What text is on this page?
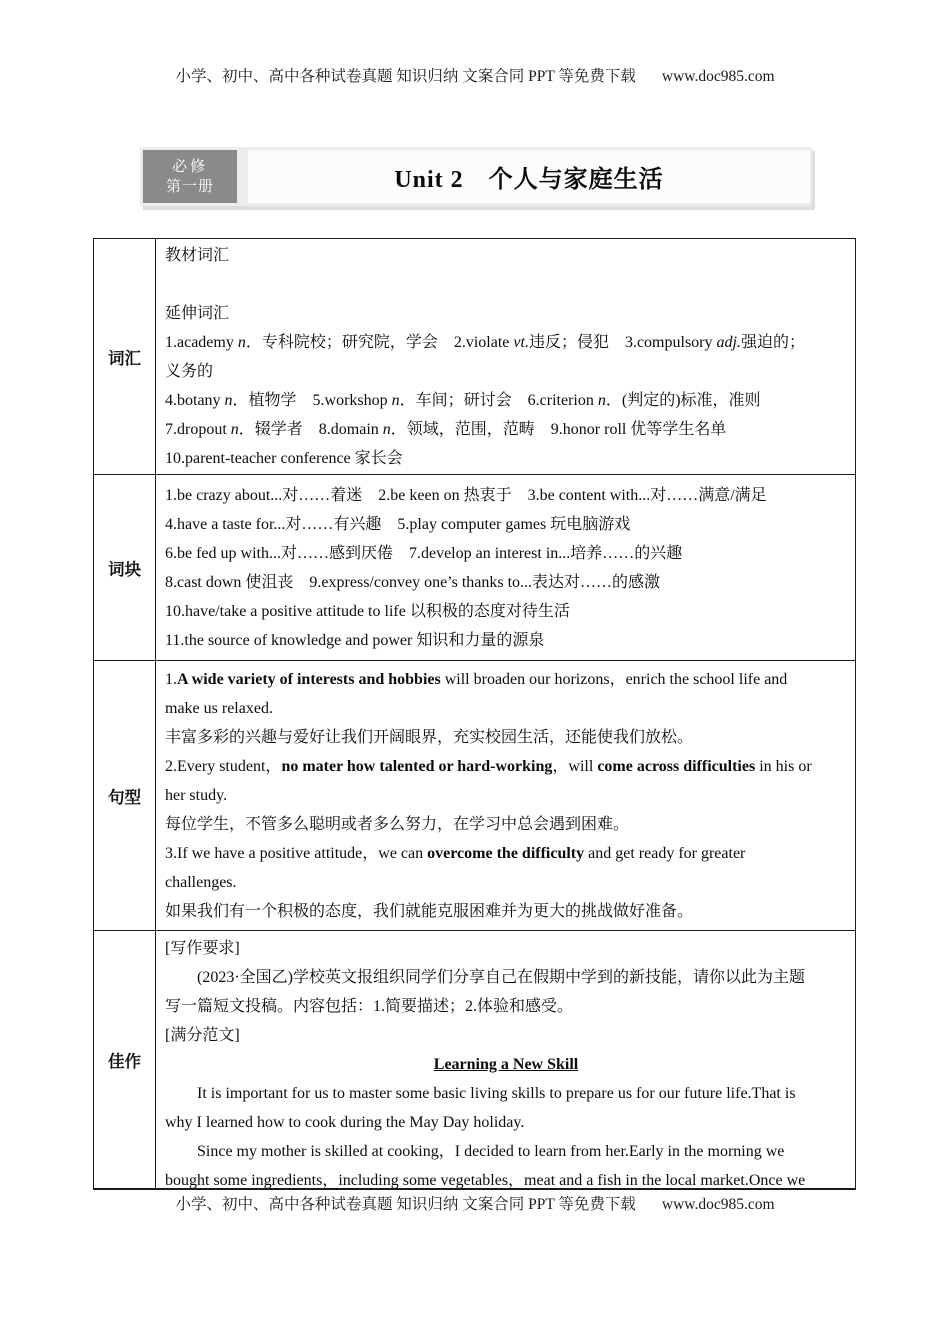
小学、初中、高中各种试卷真题 知识归纳 文案合同 PPT 等免费下载 www.doc985.com
必修
第一册	Unit 2　个人与家庭生活
词汇
教材词汇
延伸词汇
1.academy n．专科院校；研究院，学会　2.violate vt.违反；侵犯　3.compulsory adj.强迫的；
义务的
4.botany n．植物学　5.workshop n．车间；研讨会　6.criterion n．(判定的)标准，准则
7.dropout n．辍学者　8.domain n．领域，范围，范畴　9.honor roll 优等学生名单
10.parent-teacher conference 家长会
词块
1.be crazy about...对……着迷　2.be keen on 热衷于　3.be content with...对……满意/满足
4.have a taste for...对……有兴趣　5.play computer games 玩电脑游戏
6.be fed up with...对……感到厌倦　7.develop an interest in...培养……的兴趣
8.cast down 使沮丧　9.express/convey one’s thanks to...表达对……的感激
10.have/take a positive attitude to life 以积极的态度对待生活
11.the source of knowledge and power 知识和力量的源泉
句型
1.A wide variety of interests and hobbies will broaden our horizons，enrich the school life and
make us relaxed.
丰富多彩的兴趣与爱好让我们开阔眼界，充实校园生活，还能使我们放松。
2.Every student，no mater how talented or hard-working，will come across difficulties in his or
her study.
每位学生，不管多么聪明或者多么努力，在学习中总会遇到困难。
3.If we have a positive attitude，we can overcome the difficulty and get ready for greater
challenges.
如果我们有一个积极的态度，我们就能克服困难并为更大的挑战做好准备。
佳作
[写作要求]
　　(2023·全国乙)学校英文报组织同学们分享自己在假期中学到的新技能，请你以此为主题
写一篇短文投稿。内容包括：1.简要描述；2.体验和感受。
[满分范文]
Learning a New Skill
　　It is important for us to master some basic living skills to prepare us for our future life.That is
why I learned how to cook during the May Day holiday.
　　Since my mother is skilled at cooking，I decided to learn from her.Early in the morning we
bought some ingredients，including some vegetables，meat and a fish in the local market.Once we
小学、初中、高中各种试卷真题 知识归纳 文案合同 PPT 等免费下载 www.doc985.com
